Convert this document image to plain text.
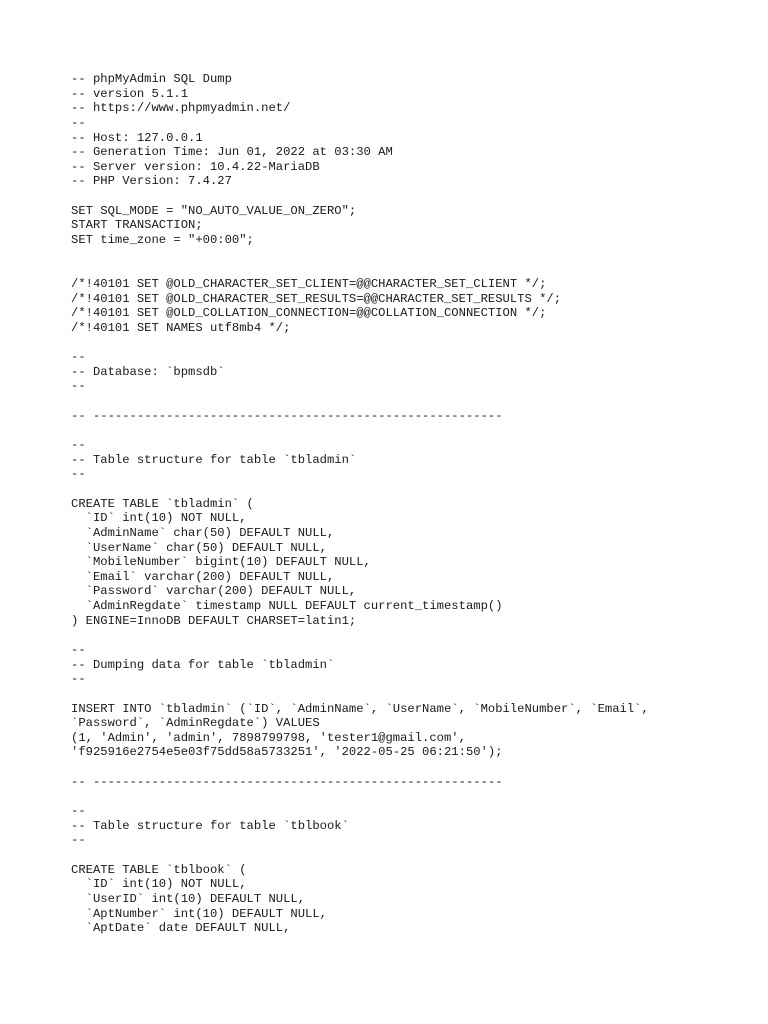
-- phpMyAdmin SQL Dump
-- version 5.1.1
-- https://www.phpmyadmin.net/
--
-- Host: 127.0.0.1
-- Generation Time: Jun 01, 2022 at 03:30 AM
-- Server version: 10.4.22-MariaDB
-- PHP Version: 7.4.27
SET SQL_MODE = "NO_AUTO_VALUE_ON_ZERO";
START TRANSACTION;
SET time_zone = "+00:00";
/*!40101 SET @OLD_CHARACTER_SET_CLIENT=@@CHARACTER_SET_CLIENT */;
/*!40101 SET @OLD_CHARACTER_SET_RESULTS=@@CHARACTER_SET_RESULTS */;
/*!40101 SET @OLD_COLLATION_CONNECTION=@@COLLATION_CONNECTION */;
/*!40101 SET NAMES utf8mb4 */;
--
-- Database: `bpmsdb`
--
-- --------------------------------------------------------
--
-- Table structure for table `tbladmin`
--
CREATE TABLE `tbladmin` (
`ID` int(10) NOT NULL,
`AdminName` char(50) DEFAULT NULL,
`UserName` char(50) DEFAULT NULL,
`MobileNumber` bigint(10) DEFAULT NULL,
`Email` varchar(200) DEFAULT NULL,
`Password` varchar(200) DEFAULT NULL,
`AdminRegdate` timestamp NULL DEFAULT current_timestamp()
) ENGINE=InnoDB DEFAULT CHARSET=latin1;
--
-- Dumping data for table `tbladmin`
--
INSERT INTO `tbladmin` (`ID`, `AdminName`, `UserName`, `MobileNumber`, `Email`,
`Password`, `AdminRegdate`) VALUES
(1, 'Admin', 'admin', 7898799798, 'tester1@gmail.com',
'f925916e2754e5e03f75dd58a5733251', '2022-05-25 06:21:50');
-- --------------------------------------------------------
--
-- Table structure for table `tblbook`
--
CREATE TABLE `tblbook` (
`ID` int(10) NOT NULL,
`UserID` int(10) DEFAULT NULL,
`AptNumber` int(10) DEFAULT NULL,
`AptDate` date DEFAULT NULL,
